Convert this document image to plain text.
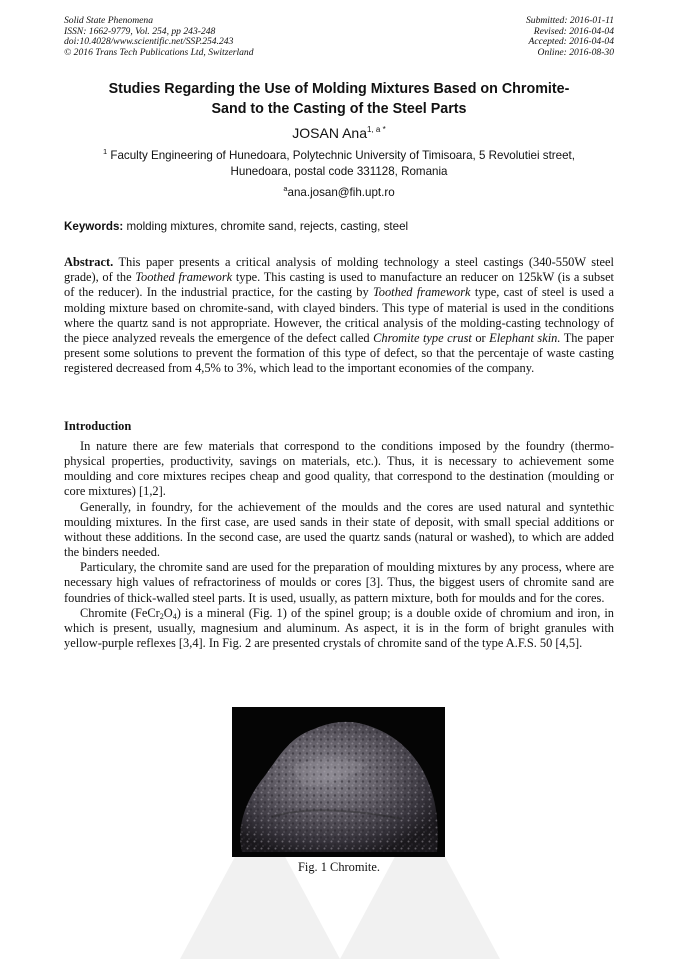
Solid State Phenomena
ISSN: 1662-9779, Vol. 254, pp 243-248
doi:10.4028/www.scientific.net/SSP.254.243
© 2016 Trans Tech Publications Ltd, Switzerland
Submitted: 2016-01-11
Revised: 2016-04-04
Accepted: 2016-04-04
Online: 2016-08-30
Studies Regarding the Use of Molding Mixtures Based on Chromite-
Sand to the Casting of the Steel Parts
JOSAN Ana$^{1, a *}$
$^1$ Faculty Engineering of Hunedoara, Polytechnic University of Timisoara, 5 Revolutiei street,
Hunedoara, postal code 331128, Romania
$^a$ana.josan@fih.upt.ro
Keywords: molding mixtures, chromite sand, rejects, casting, steel
Abstract. This paper presents a critical analysis of molding technology a steel castings (340-550W steel grade), of the Toothed framework type. This casting is used to manufacture an reducer on 125kW (is a subset of the reducer). In the industrial practice, for the casting by Toothed framework type, cast of steel is used a molding mixture based on chromite-sand, with clayed binders. This type of material is used in the conditions where the quartz sand is not appropriate. However, the critical analysis of the molding-casting technology of the piece analyzed reveals the emergence of the defect called Chromite type crust or Elephant skin. The paper present some solutions to prevent the formation of this type of defect, so that the percentaje of waste casting registered decreased from 4,5% to 3%, which lead to the important economies of the company.
Introduction

In nature there are few materials that correspond to the conditions imposed by the foundry (thermo-physical properties, productivity, savings on materials, etc.). Thus, it is necessary to achievement some moulding and core mixtures recipes cheap and good quality, that correspond to the destination (moulding or core mixtures) [1,2].

Generally, in foundry, for the achievement of the moulds and the cores are used natural and syntethic moulding mixtures. In the first case, are used sands in their state of deposit, with small special additions or without these additions. In the second case, are used the quartz sands (natural or washed), to which are added the binders needed.

Particulary, the chromite sand are used for the preparation of moulding mixtures by any process, where are necessary high values of refractoriness of moulds or cores [3]. Thus, the biggest users of chromite sand are foundries of thick-walled steel parts. It is used, usually, as pattern mixture, both for moulds and for the cores.

Chromite $(FeCr_2O_4)$ is a mineral (Fig. 1) of the spinel group; is a double oxide of chromium and iron, in which is present, usually, magnesium and aluminum. As aspect, it is in the form of bright granules with yellow-purple reflexes [3,4]. In Fig. 2 are presented crystals of chromite sand of the type A.F.S. 50 [4,5].

Fig. 1 Chromite.
